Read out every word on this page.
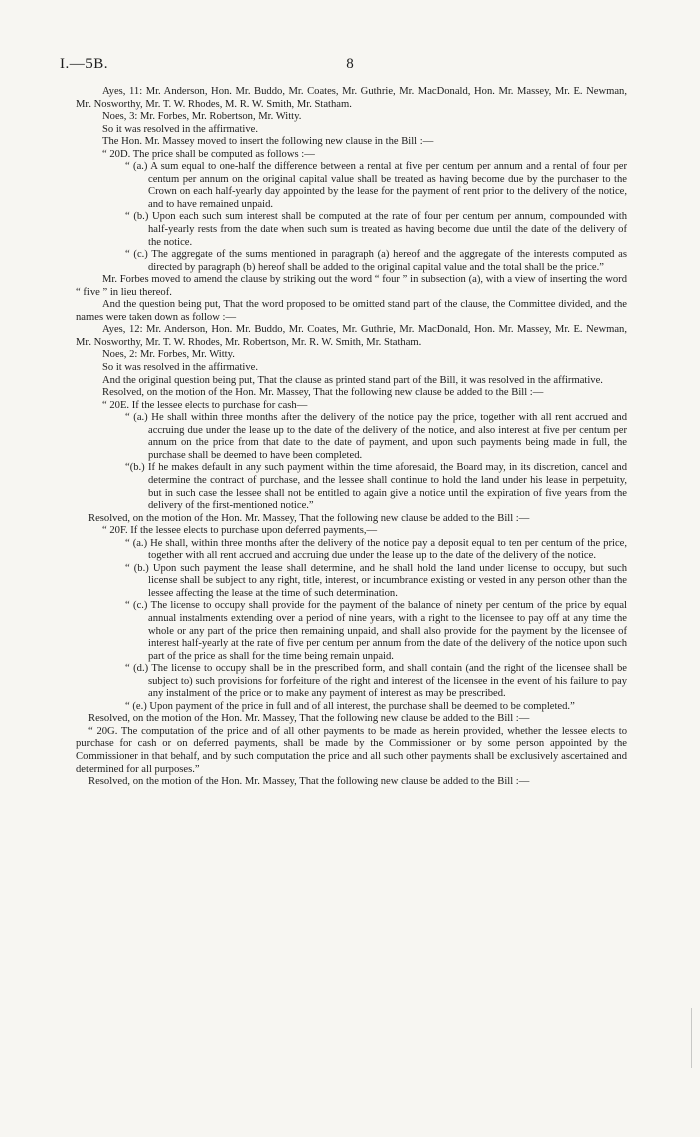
I.—5B.	8

Ayes, 11: Mr. Anderson, Hon. Mr. Buddo, Mr. Coates, Mr. Guthrie, Mr. MacDonald, Hon. Mr. Massey, Mr. E. Newman, Mr. Nosworthy, Mr. T. W. Rhodes, M. R. W. Smith, Mr. Statham.

Noes, 3: Mr. Forbes, Mr. Robertson, Mr. Witty.

So it was resolved in the affirmative.

The Hon. Mr. Massey moved to insert the following new clause in the Bill :—

“ 20D. The price shall be computed as follows :—

“ (a.) A sum equal to one-half the difference between a rental at five per centum per annum and a rental of four per centum per annum on the original capital value shall be treated as having become due by the purchaser to the Crown on each half-yearly day appointed by the lease for the payment of rent prior to the delivery of the notice, and to have remained unpaid.

“ (b.) Upon each such sum interest shall be computed at the rate of four per centum per annum, compounded with half-yearly rests from the date when such sum is treated as having become due until the date of the delivery of the notice.

“ (c.) The aggregate of the sums mentioned in paragraph (a) hereof and the aggregate of the interests computed as directed by paragraph (b) hereof shall be added to the original capital value and the total shall be the price.”

Mr. Forbes moved to amend the clause by striking out the word “ four ” in subsection (a), with a view of inserting the word “ five ” in lieu thereof.

And the question being put, That the word proposed to be omitted stand part of the clause, the Committee divided, and the names were taken down as follow :—

Ayes, 12: Mr. Anderson, Hon. Mr. Buddo, Mr. Coates, Mr. Guthrie, Mr. MacDonald, Hon. Mr. Massey, Mr. E. Newman, Mr. Nosworthy, Mr. T. W. Rhodes, Mr. Robertson, Mr. R. W. Smith, Mr. Statham.

Noes, 2: Mr. Forbes, Mr. Witty.

So it was resolved in the affirmative.

And the original question being put, That the clause as printed stand part of the Bill, it was resolved in the affirmative.

Resolved, on the motion of the Hon. Mr. Massey, That the following new clause be added to the Bill :—

“ 20E. If the lessee elects to purchase for cash—

“ (a.) He shall within three months after the delivery of the notice pay the price, together with all rent accrued and accruing due under the lease up to the date of the delivery of the notice, and also interest at five per centum per annum on the price from that date to the date of payment, and upon such payments being made in full, the purchase shall be deemed to have been completed.

“(b.) If he makes default in any such payment within the time aforesaid, the Board may, in its discretion, cancel and determine the contract of purchase, and the lessee shall continue to hold the land under his lease in perpetuity, but in such case the lessee shall not be entitled to again give a notice until the expiration of five years from the delivery of the first-mentioned notice.”

Resolved, on the motion of the Hon. Mr. Massey, That the following new clause be added to the Bill :—

“ 20F. If the lessee elects to purchase upon deferred payments,—

“ (a.) He shall, within three months after the delivery of the notice pay a deposit equal to ten per centum of the price, together with all rent accrued and accruing due under the lease up to the date of the delivery of the notice.

“ (b.) Upon such payment the lease shall determine, and he shall hold the land under license to occupy, but such license shall be subject to any right, title, interest, or incumbrance existing or vested in any person other than the lessee affecting the lease at the time of such determination.

“ (c.) The license to occupy shall provide for the payment of the balance of ninety per centum of the price by equal annual instalments extending over a period of nine years, with a right to the licensee to pay off at any time the whole or any part of the price then remaining unpaid, and shall also provide for the payment by the licensee of interest half-yearly at the rate of five per centum per annum from the date of the delivery of the notice upon such part of the price as shall for the time being remain unpaid.

“ (d.) The license to occupy shall be in the prescribed form, and shall contain (and the right of the licensee shall be subject to) such provisions for forfeiture of the right and interest of the licensee in the event of his failure to pay any instalment of the price or to make any payment of interest as may be prescribed.

“ (e.) Upon payment of the price in full and of all interest, the purchase shall be deemed to be completed.”

Resolved, on the motion of the Hon. Mr. Massey, That the following new clause be added to the Bill :—

“ 20G. The computation of the price and of all other payments to be made as herein provided, whether the lessee elects to purchase for cash or on deferred payments, shall be made by the Commissioner or by some person appointed by the Commissioner in that behalf, and by such computation the price and all such other payments shall be exclusively ascertained and determined for all purposes.”

Resolved, on the motion of the Hon. Mr. Massey, That the following new clause be added to the Bill :—
